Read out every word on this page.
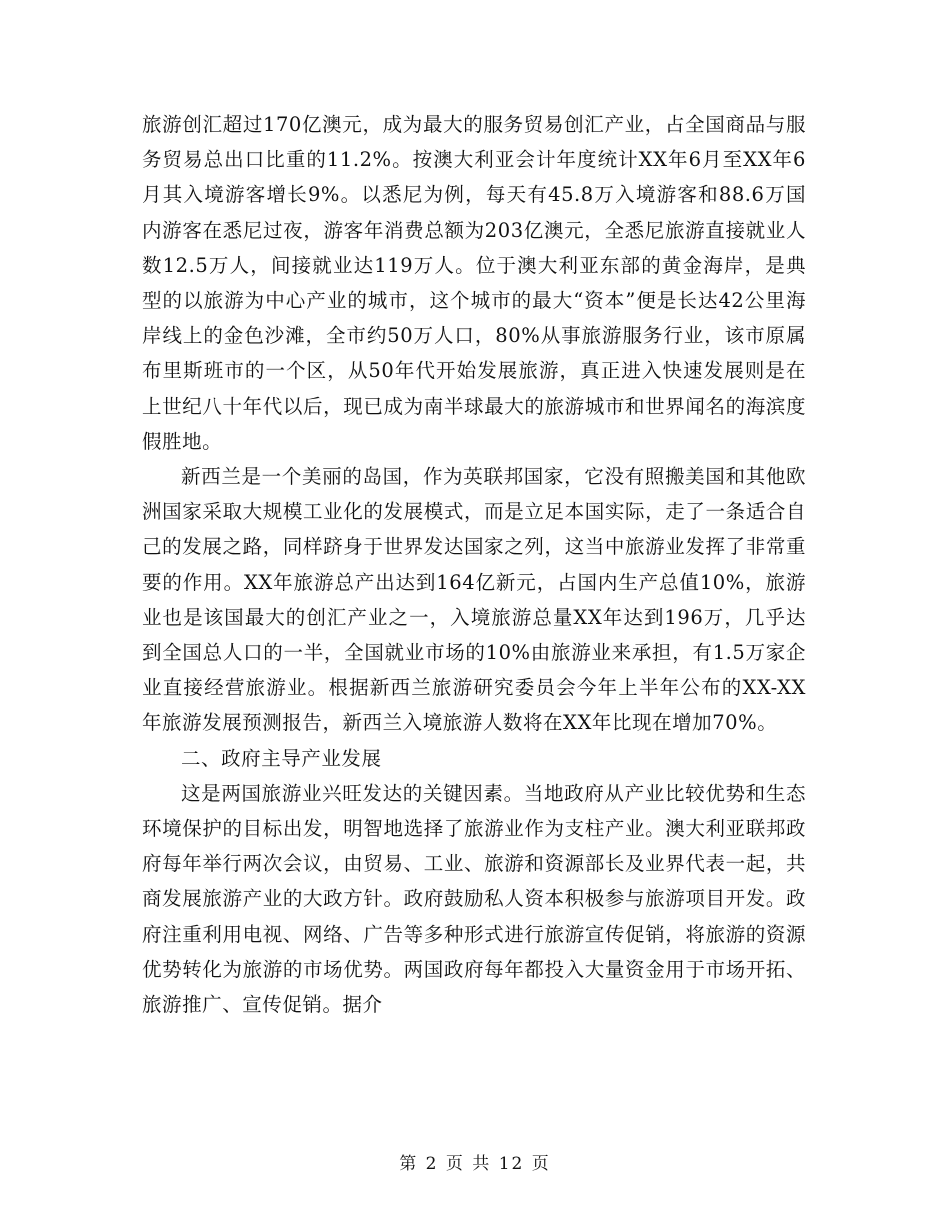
旅游创汇超过170亿澳元，成为最大的服务贸易创汇产业，占全国商品与服务贸易总出口比重的11.2%。按澳大利亚会计年度统计XX年6月至XX年6月其入境游客增长9%。以悉尼为例，每天有45.8万入境游客和88.6万国内游客在悉尼过夜，游客年消费总额为203亿澳元，全悉尼旅游直接就业人数12.5万人，间接就业达119万人。位于澳大利亚东部的黄金海岸，是典型的以旅游为中心产业的城市，这个城市的最大“资本”便是长达42公里海岸线上的金色沙滩，全市约50万人口，80%从事旅游服务行业，该市原属布里斯班市的一个区，从50年代开始发展旅游，真正进入快速发展则是在上世纪八十年代以后，现已成为南半球最大的旅游城市和世界闻名的海滨度假胜地。

新西兰是一个美丽的岛国，作为英联邦国家，它没有照搬美国和其他欧洲国家采取大规模工业化的发展模式，而是立足本国实际，走了一条适合自己的发展之路，同样跻身于世界发达国家之列，这当中旅游业发挥了非常重要的作用。XX年旅游总产出达到164亿新元，占国内生产总值10%，旅游业也是该国最大的创汇产业之一，入境旅游总量XX年达到196万，几乎达到全国总人口的一半，全国就业市场的10%由旅游业来承担，有1.5万家企业直接经营旅游业。根据新西兰旅游研究委员会今年上半年公布的XX-XX年旅游发展预测报告，新西兰入境旅游人数将在XX年比现在增加70%。

二、政府主导产业发展

这是两国旅游业兴旺发达的关键因素。当地政府从产业比较优势和生态环境保护的目标出发，明智地选择了旅游业作为支柱产业。澳大利亚联邦政府每年举行两次会议，由贸易、工业、旅游和资源部长及业界代表一起，共商发展旅游产业的大政方针。政府鼓励私人资本积极参与旅游项目开发。政府注重利用电视、网络、广告等多种形式进行旅游宣传促销，将旅游的资源优势转化为旅游的市场优势。两国政府每年都投入大量资金用于市场开拓、旅游推广、宣传促销。据介

第 2 页 共 12 页
